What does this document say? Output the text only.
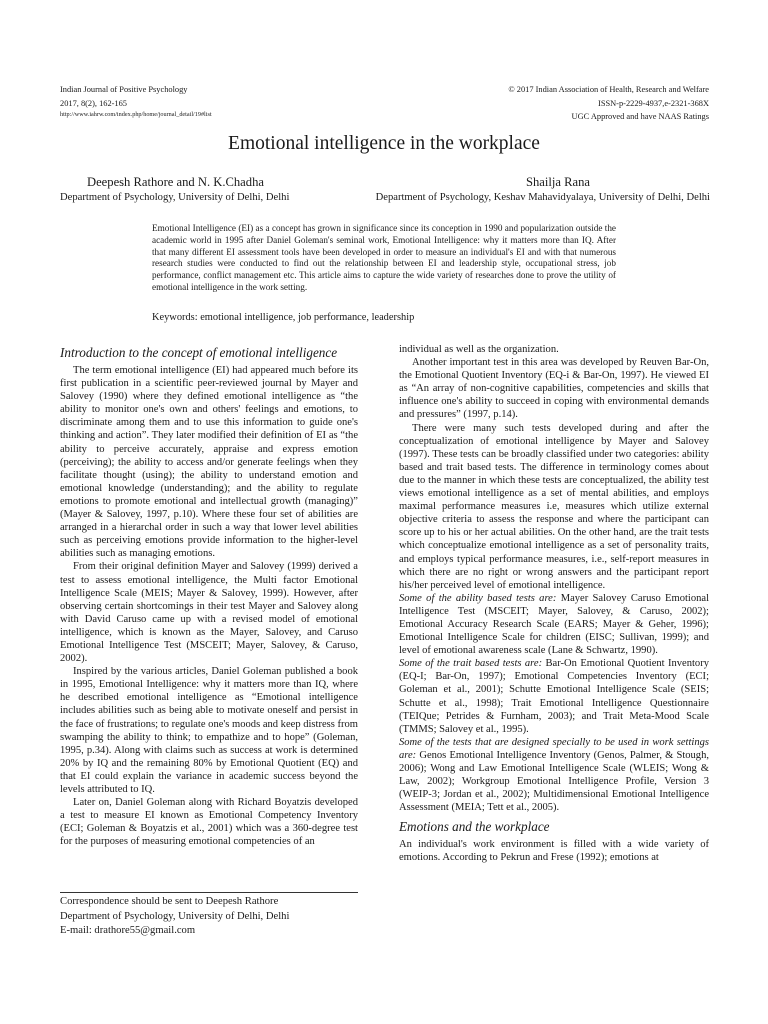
Indian Journal of Positive Psychology
2017, 8(2), 162-165
http://www.iahrw.com/index.php/home/journal_detail/19#list
© 2017 Indian Association of Health, Research and Welfare
ISSN-p-2229-4937,e-2321-368X
UGC Approved and have NAAS Ratings
Emotional intelligence in the workplace
Deepesh Rathore and N. K.Chadha
Department of Psychology, University of Delhi, Delhi
Shailja Rana
Department of Psychology, Keshav Mahavidyalaya, University of Delhi, Delhi
Emotional Intelligence (EI) as a concept has grown in significance since its conception in 1990 and popularization outside the academic world in 1995 after Daniel Goleman's seminal work, Emotional Intelligence: why it matters more than IQ. After that many different EI assessment tools have been developed in order to measure an individual's EI and with that numerous research studies were conducted to find out the relationship between EI and leadership style, occupational stress, job performance, conflict management etc. This article aims to capture the wide variety of researches done to prove the utility of emotional intelligence in the work setting.
Keywords: emotional intelligence, job performance, leadership
Introduction to the concept of emotional intelligence

The term emotional intelligence (EI) had appeared much before its first publication in a scientific peer-reviewed journal by Mayer and Salovey (1990) where they defined emotional intelligence as “the ability to monitor one's own and others' feelings and emotions, to discriminate among them and to use this information to guide one's thinking and action”. They later modified their definition of EI as “the ability to perceive accurately, appraise and express emotion (perceiving); the ability to access and/or generate feelings when they facilitate thought (using); the ability to understand emotion and emotional knowledge (understanding); and the ability to regulate emotions to promote emotional and intellectual growth (managing)” (Mayer & Salovey, 1997, p.10). Where these four set of abilities are arranged in a hierarchal order in such a way that lower level abilities such as perceiving emotions provide information to the higher-level abilities such as managing emotions.

From their original definition Mayer and Salovey (1999) derived a test to assess emotional intelligence, the Multi factor Emotional Intelligence Scale (MEIS; Mayer & Salovey, 1999). However, after observing certain shortcomings in their test Mayer and Salovey along with David Caruso came up with a revised model of emotional intelligence, which is known as the Mayer, Salovey, and Caruso Emotional Intelligence Test (MSCEIT; Mayer, Salovey, & Caruso, 2002).

Inspired by the various articles, Daniel Goleman published a book in 1995, Emotional Intelligence: why it matters more than IQ, where he described emotional intelligence as “Emotional intelligence includes abilities such as being able to motivate oneself and persist in the face of frustrations; to regulate one's moods and keep distress from swamping the ability to think; to empathize and to hope” (Goleman, 1995, p.34). Along with claims such as success at work is determined 20% by IQ and the remaining 80% by Emotional Quotient (EQ) and that EI could explain the variance in academic success beyond the levels attributed to IQ.

Later on, Daniel Goleman along with Richard Boyatzis developed a test to measure EI known as Emotional Competency Inventory (ECI; Goleman & Boyatzis et al., 2001) which was a 360-degree test for the purposes of measuring emotional competencies of an

Correspondence should be sent to Deepesh Rathore
Department of Psychology, University of Delhi, Delhi
E-mail: drathore55@gmail.com

individual as well as the organization.

Another important test in this area was developed by Reuven Bar-On, the Emotional Quotient Inventory (EQ-i & Bar-On, 1997). He viewed EI as “An array of non-cognitive capabilities, competencies and skills that influence one's ability to succeed in coping with environmental demands and pressures” (1997, p.14).

There were many such tests developed during and after the conceptualization of emotional intelligence by Mayer and Salovey (1997). These tests can be broadly classified under two categories: ability based and trait based tests. The difference in terminology comes about due to the manner in which these tests are conceptualized, the ability test views emotional intelligence as a set of mental abilities, and employs maximal performance measures i.e, measures which utilize external objective criteria to assess the response and where the participant can score up to his or her actual abilities. On the other hand, are the trait tests which conceptualize emotional intelligence as a set of personality traits, and employs typical performance measures, i.e., self-report measures in which there are no right or wrong answers and the participant report his/her perceived level of emotional intelligence.

Some of the ability based tests are: Mayer Salovey Caruso Emotional Intelligence Test (MSCEIT; Mayer, Salovey, & Caruso, 2002); Emotional Accuracy Research Scale (EARS; Mayer & Geher, 1996); Emotional Intelligence Scale for children (EISC; Sullivan, 1999); and level of emotional awareness scale (Lane & Schwartz, 1990).

Some of the trait based tests are: Bar-On Emotional Quotient Inventory (EQ-I; Bar-On, 1997); Emotional Competencies Inventory (ECI; Goleman et al., 2001); Schutte Emotional Intelligence Scale (SEIS; Schutte et al., 1998); Trait Emotional Intelligence Questionnaire (TEIQue; Petrides & Furnham, 2003); and Trait Meta-Mood Scale (TMMS; Salovey et al., 1995).

Some of the tests that are designed specially to be used in work settings are: Genos Emotional Intelligence Inventory (Genos, Palmer, & Stough, 2006); Wong and Law Emotional Intelligence Scale (WLEIS; Wong & Law, 2002); Workgroup Emotional Intelligence Profile, Version 3 (WEIP-3; Jordan et al., 2002); Multidimensional Emotional Intelligence Assessment (MEIA; Tett et al., 2005).

Emotions and the workplace

An individual's work environment is filled with a wide variety of emotions. According to Pekrun and Frese (1992); emotions at
